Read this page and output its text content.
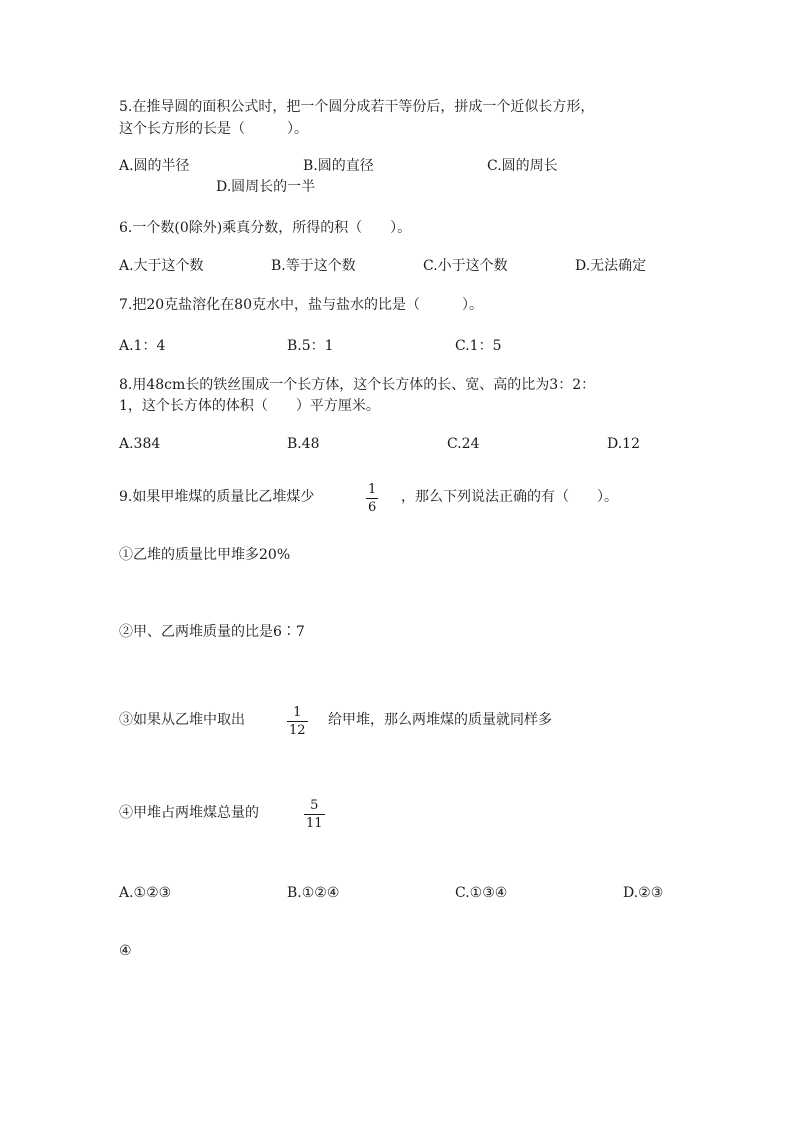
5.在推导圆的面积公式时，把一个圆分成若干等份后，拼成一个近似长方形，
这个长方形的长是（　　　）。
A.圆的半径	B.圆的直径	C.圆的周长
D.圆周长的一半
6.一个数(0除外)乘真分数，所得的积（　　）。
A.大于这个数	B.等于这个数	C.小于这个数	D.无法确定
7.把20克盐溶化在80克水中，盐与盐水的比是（　　　）。
A.1：4	B.5：1	C.1：5
8.用48cm长的铁丝围成一个长方体，这个长方体的长、宽、高的比为3：2：
1，这个长方体的体积（　　）平方厘米。
A.384	B.48	C.24	D.12
9.如果甲堆煤的质量比乙堆煤少	1
6
，那么下列说法正确的有（　　）。
①乙堆的质量比甲堆多20%
②甲、乙两堆质量的比是6∶7
③如果从乙堆中取出	1
12
给甲堆，那么两堆煤的质量就同样多
④甲堆占两堆煤总量的	5
11
A.①②③	B.①②④	C.①③④	D.②③
④
